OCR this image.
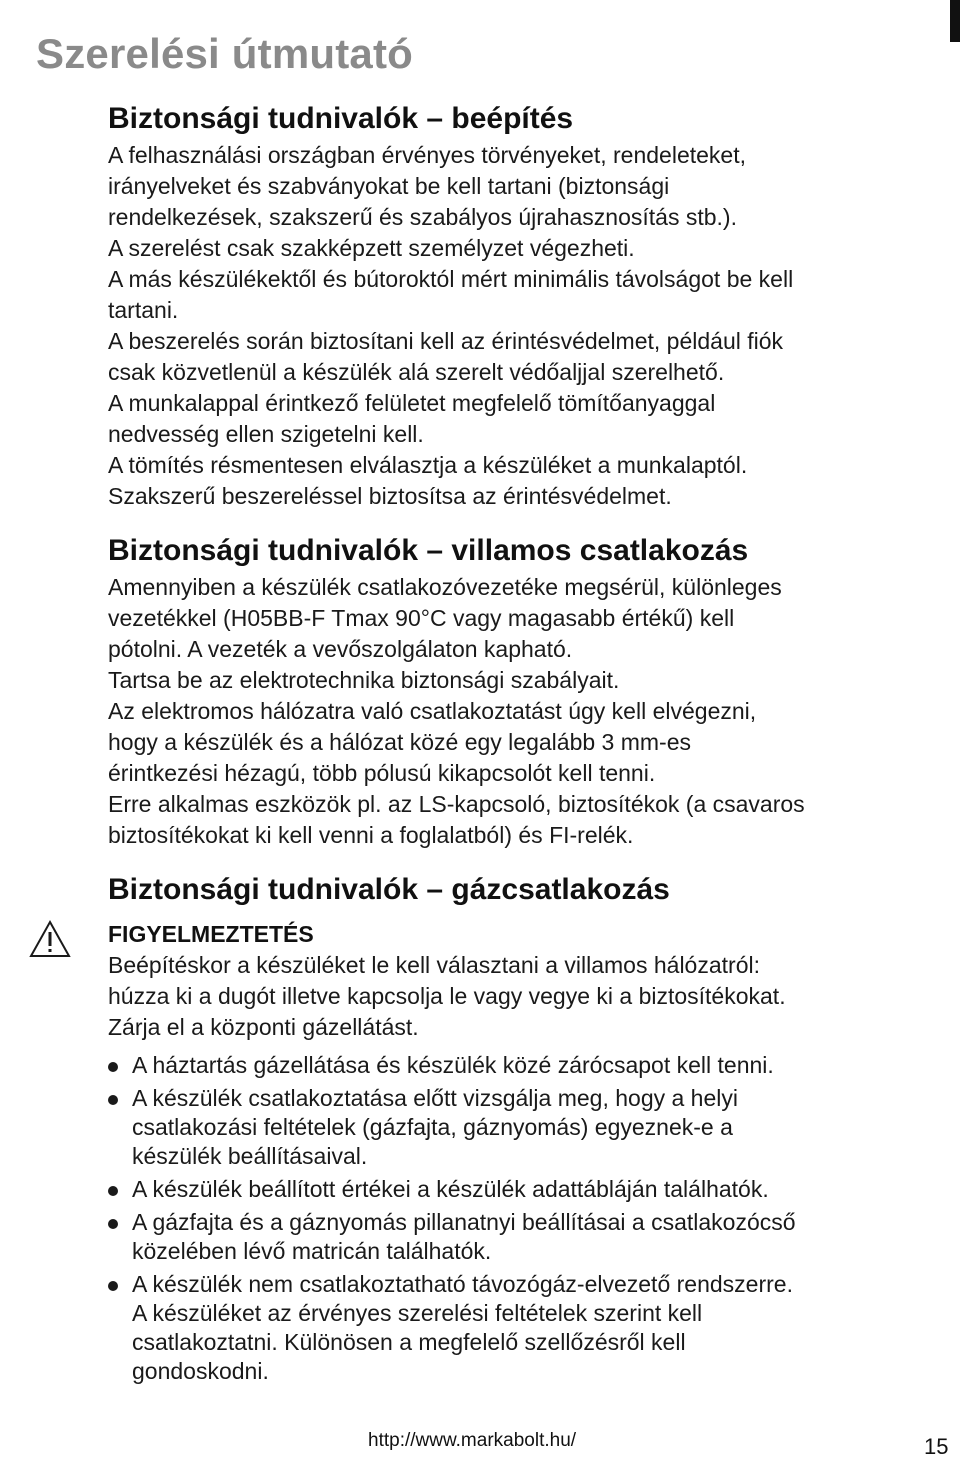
Szerelési útmutató
Biztonsági tudnivalók – beépítés

A felhasználási országban érvényes törvényeket, rendeleteket,

irányelveket és szabványokat be kell tartani (biztonsági

rendelkezések, szakszerű és szabályos újrahasznosítás stb.).

A szerelést csak szakképzett személyzet végezheti.

A más készülékektől és bútoroktól mért minimális távolságot be kell

tartani.

A beszerelés során biztosítani kell az érintésvédelmet, például fiók

csak közvetlenül a készülék alá szerelt védőaljjal szerelhető.

A munkalappal érintkező felületet megfelelő tömítőanyaggal

nedvesség ellen szigetelni kell.

A tömítés résmentesen elválasztja a készüléket a munkalaptól.

Szakszerű beszereléssel biztosítsa az érintésvédelmet.

Biztonsági tudnivalók – villamos csatlakozás

Amennyiben a készülék csatlakozóvezetéke megsérül, különleges

vezetékkel (H05BB-F Tmax 90°C vagy magasabb értékű) kell

pótolni. A vezeték a vevőszolgálaton kapható.

Tartsa be az elektrotechnika biztonsági szabályait.

Az elektromos hálózatra való csatlakoztatást úgy kell elvégezni,

hogy a készülék és a hálózat közé egy legalább 3 mm-es

érintkezési hézagú, több pólusú kikapcsolót kell tenni.

Erre alkalmas eszközök pl. az LS-kapcsoló, biztosítékok (a csavaros

biztosítékokat ki kell venni a foglalatból) és FI-relék.

Biztonsági tudnivalók – gázcsatlakozás

FIGYELMEZTETÉS

Beépítéskor a készüléket le kell választani a villamos hálózatról:

húzza ki a dugót illetve kapcsolja le vagy vegye ki a biztosítékokat.

Zárja el a központi gázellátást.

A háztartás gázellátása és készülék közé zárócsapot kell tenni.
A készülék csatlakoztatása előtt vizsgálja meg, hogy a helyi
csatlakozási feltételek (gázfajta, gáznyomás) egyeznek-e a
készülék beállításaival.
A készülék beállított értékei a készülék adattábláján találhatók.
A gázfajta és a gáznyomás pillanatnyi beállításai a csatlakozócső
közelében lévő matricán találhatók.
A készülék nem csatlakoztatható távozógáz-elvezető rendszerre.
A készüléket az érvényes szerelési feltételek szerint kell
csatlakoztatni. Különösen a megfelelő szellőzésről kell
gondoskodni.
http://www.markabolt.hu/	15
